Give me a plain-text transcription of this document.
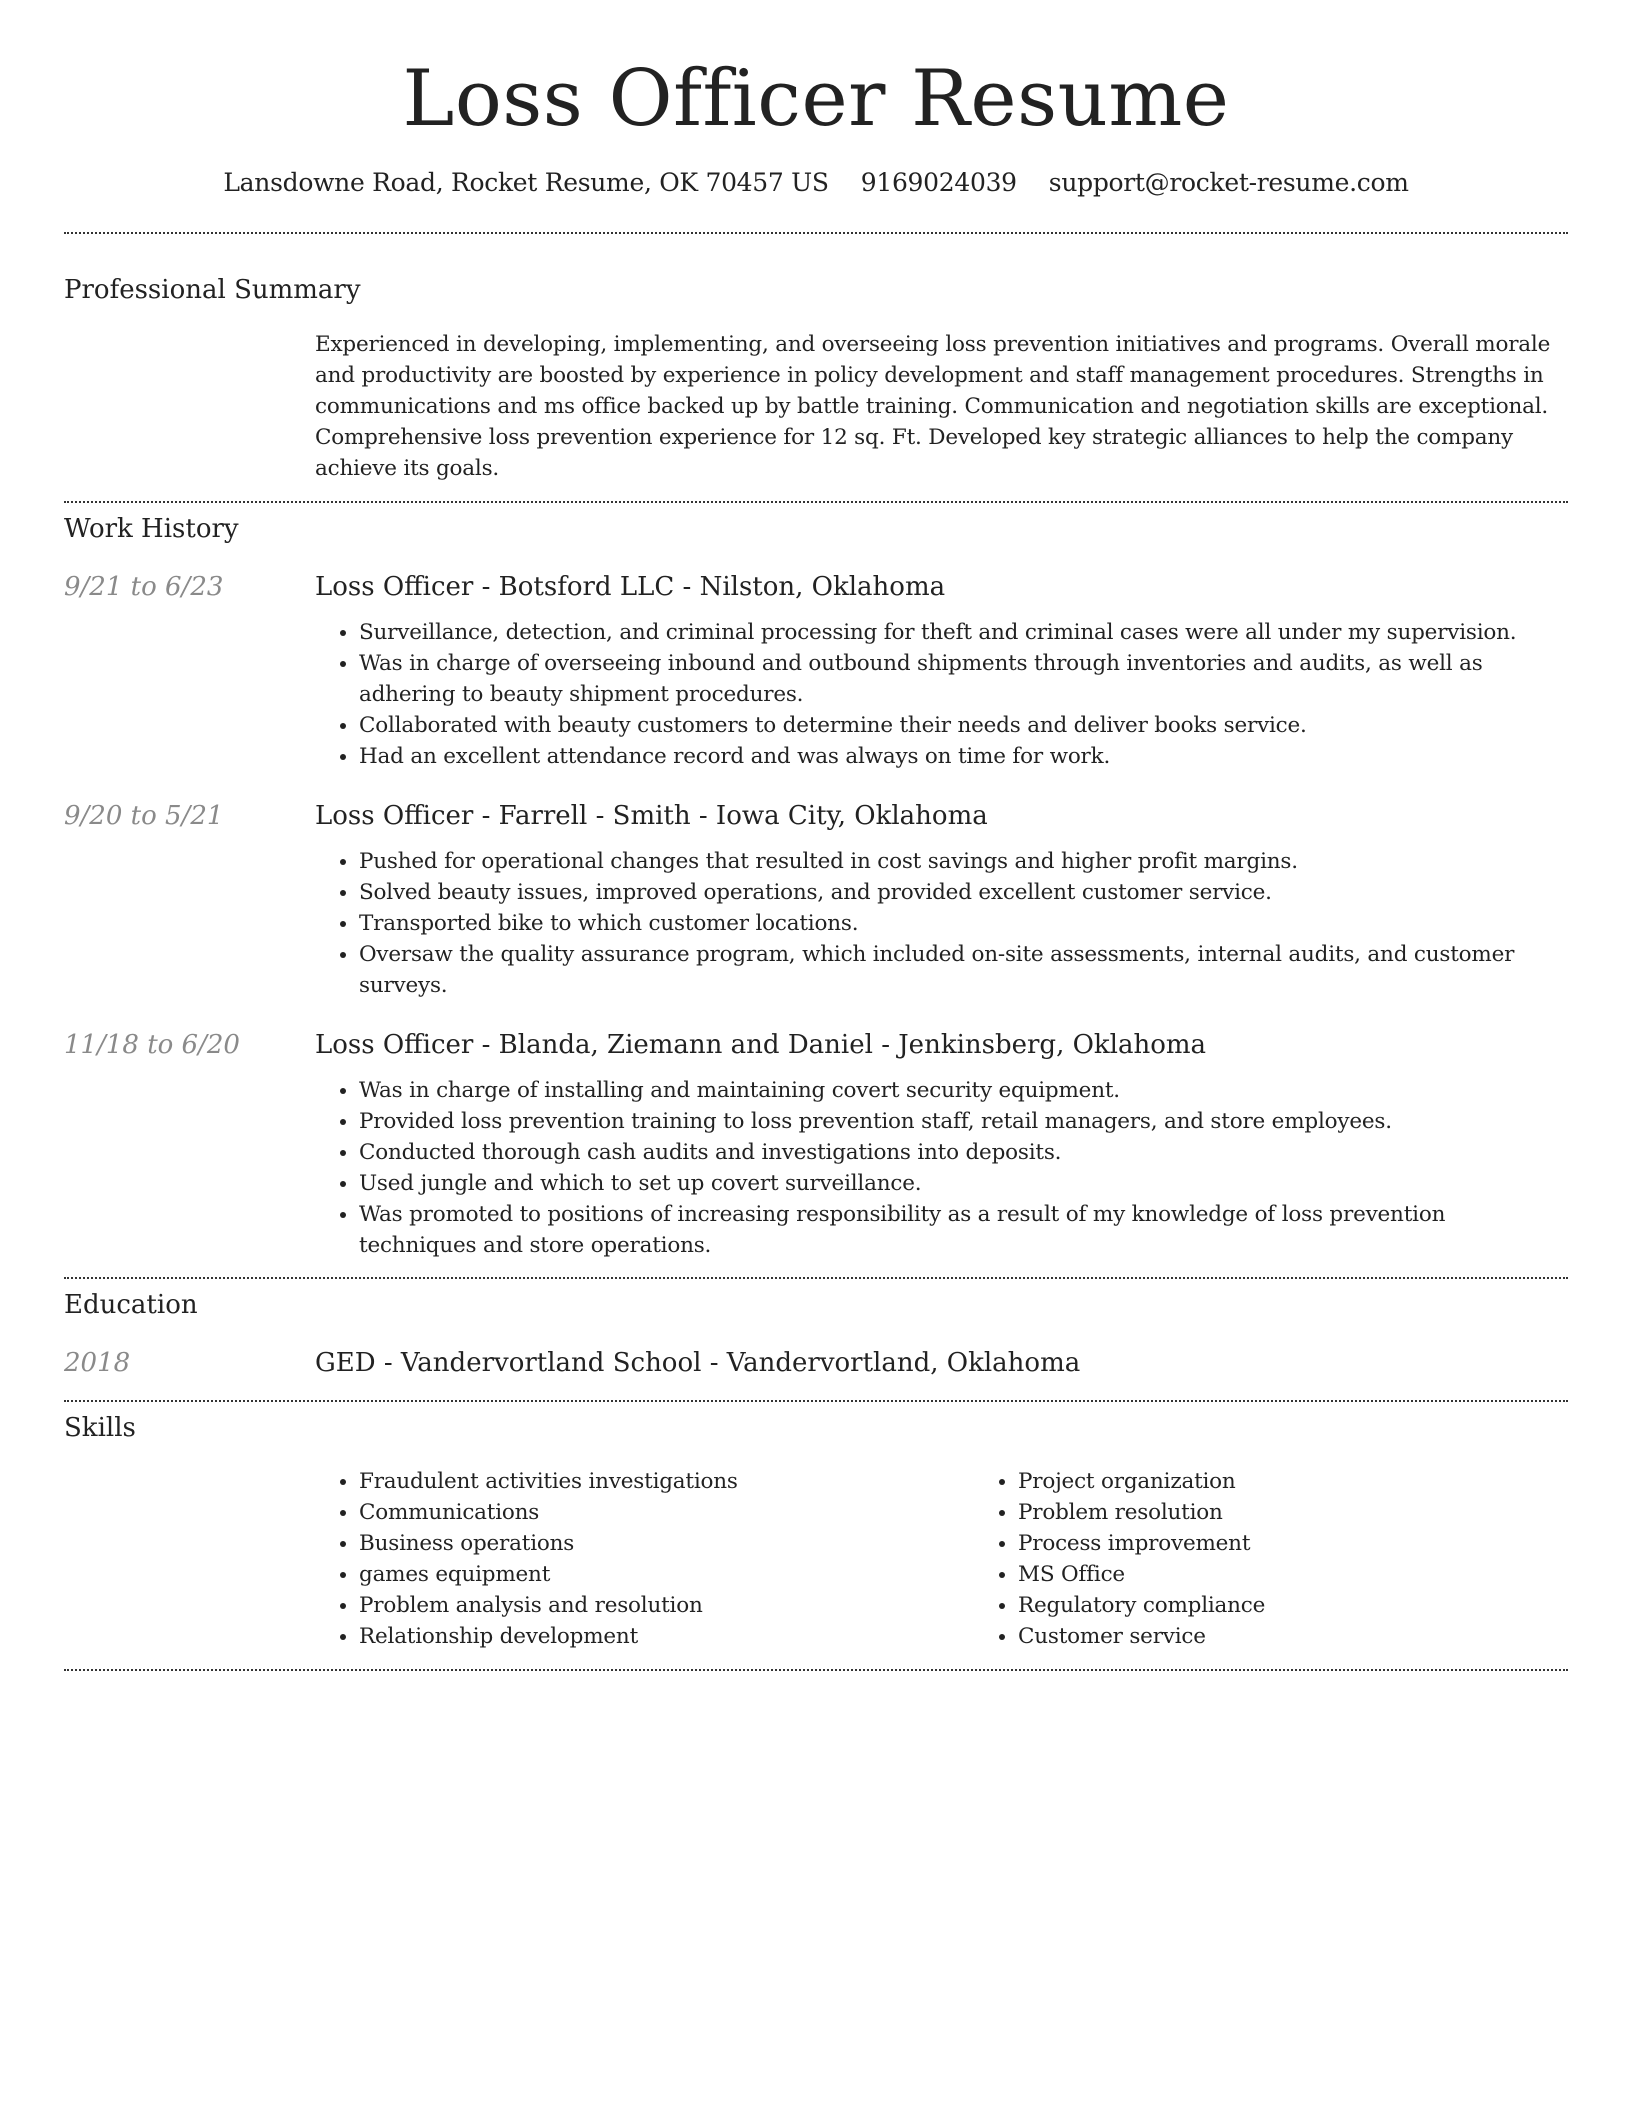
Loss Officer Resume
Lansdowne Road, Rocket Resume, OK 70457 US 9169024039 support@rocket-resume.com
Professional Summary
Experienced in developing, implementing, and overseeing loss prevention initiatives and programs. Overall morale and productivity are boosted by experience in policy development and staff management procedures. Strengths in communications and ms office backed up by battle training. Communication and negotiation skills are exceptional. Comprehensive loss prevention experience for 12 sq. Ft. Developed key strategic alliances to help the company achieve its goals.
Work History
9/21 to 6/23	Loss Officer - Botsford LLC - Nilston, Oklahoma
• Surveillance, detection, and criminal processing for theft and criminal cases were all under my supervision.
• Was in charge of overseeing inbound and outbound shipments through inventories and audits, as well as adhering to beauty shipment procedures.
• Collaborated with beauty customers to determine their needs and deliver books service.
• Had an excellent attendance record and was always on time for work.
9/20 to 5/21	Loss Officer - Farrell - Smith - Iowa City, Oklahoma
• Pushed for operational changes that resulted in cost savings and higher profit margins.
• Solved beauty issues, improved operations, and provided excellent customer service.
• Transported bike to which customer locations.
• Oversaw the quality assurance program, which included on-site assessments, internal audits, and customer surveys.
11/18 to 6/20	Loss Officer - Blanda, Ziemann and Daniel - Jenkinsberg, Oklahoma
• Was in charge of installing and maintaining covert security equipment.
• Provided loss prevention training to loss prevention staff, retail managers, and store employees.
• Conducted thorough cash audits and investigations into deposits.
• Used jungle and which to set up covert surveillance.
• Was promoted to positions of increasing responsibility as a result of my knowledge of loss prevention techniques and store operations.
Education
2018	GED - Vandervortland School - Vandervortland, Oklahoma
Skills
• Fraudulent activities investigations
• Communications
• Business operations
• games equipment
• Problem analysis and resolution
• Relationship development
• Project organization
• Problem resolution
• Process improvement
• MS Office
• Regulatory compliance
• Customer service
